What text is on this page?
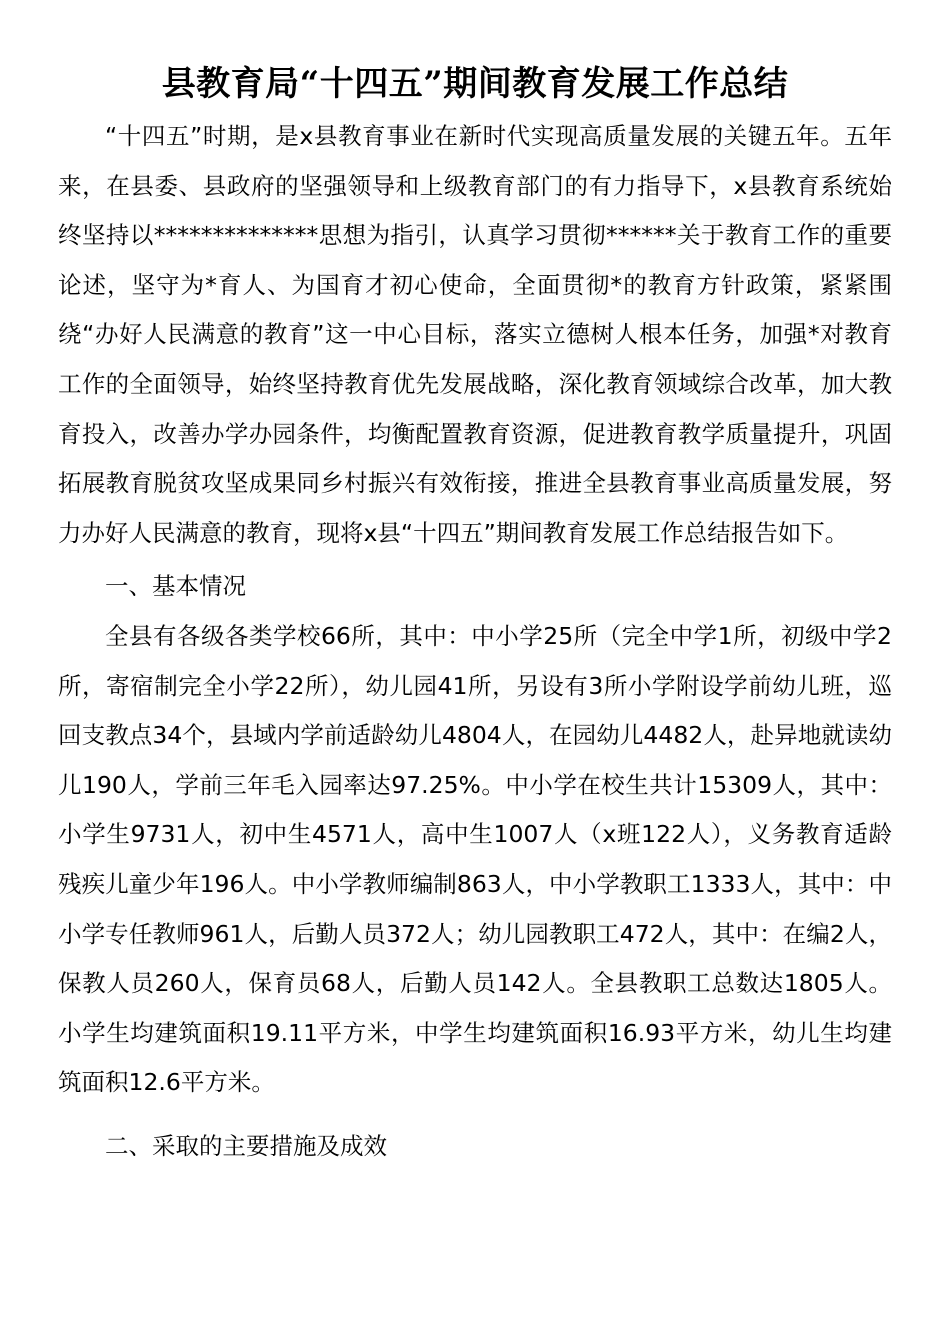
县教育局“十四五”期间教育发展工作总结

“十四五”时期，是x县教育事业在新时代实现高质量发展的关键五年。五年来，在县委、县政府的坚强领导和上级教育部门的有力指导下，x县教育系统始终坚持以**************思想为指引，认真学习贯彻******关于教育工作的重要论述，坚守为*育人、为国育才初心使命，全面贯彻*的教育方针政策，紧紧围绕“办好人民满意的教育”这一中心目标，落实立德树人根本任务，加强*对教育工作的全面领导，始终坚持教育优先发展战略，深化教育领域综合改革，加大教育投入，改善办学办园条件，均衡配置教育资源，促进教育教学质量提升，巩固拓展教育脱贫攻坚成果同乡村振兴有效衔接，推进全县教育事业高质量发展，努力办好人民满意的教育，现将x县“十四五”期间教育发展工作总结报告如下。

一、基本情况

全县有各级各类学校66所，其中：中小学25所（完全中学1所，初级中学2所，寄宿制完全小学22所），幼儿园41所，另设有3所小学附设学前幼儿班，巡回支教点34个，县域内学前适龄幼儿4804人，在园幼儿4482人，赴异地就读幼儿190人，学前三年毛入园率达97.25%。中小学在校生共计15309人，其中：小学生9731人，初中生4571人，高中生1007人（x班122人），义务教育适龄残疾儿童少年196人。中小学教师编制863人，中小学教职工1333人，其中：中小学专任教师961人，后勤人员372人；幼儿园教职工472人，其中：在编2人，保教人员260人，保育员68人，后勤人员142人。全县教职工总数达1805人。小学生均建筑面积19.11平方米，中学生均建筑面积16.93平方米，幼儿生均建筑面积12.6平方米。

二、采取的主要措施及成效
